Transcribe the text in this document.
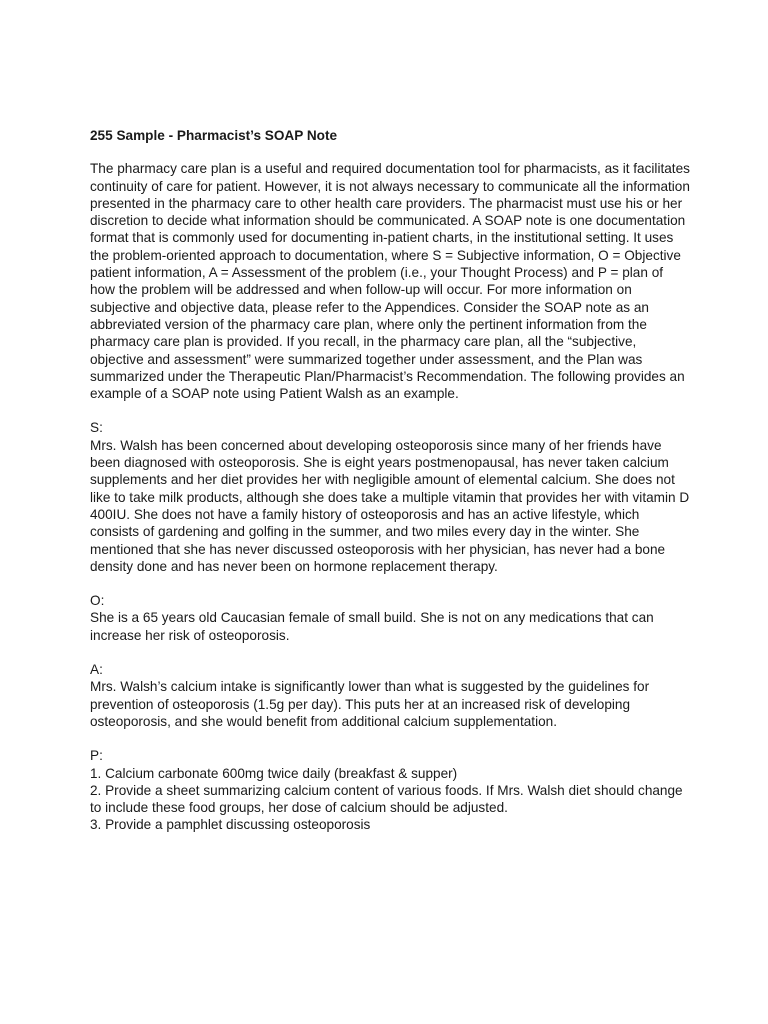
255 Sample - Pharmacist’s SOAP Note
The pharmacy care plan is a useful and required documentation tool for pharmacists, as it facilitates continuity of care for patient. However, it is not always necessary to communicate all the information presented in the pharmacy care to other health care providers. The pharmacist must use his or her discretion to decide what information should be communicated. A SOAP note is one documentation format that is commonly used for documenting in-patient charts, in the institutional setting. It uses the problem-oriented approach to documentation, where S = Subjective information, O = Objective patient information, A = Assessment of the problem (i.e., your Thought Process) and P = plan of how the problem will be addressed and when follow-up will occur. For more information on subjective and objective data, please refer to the Appendices. Consider the SOAP note as an abbreviated version of the pharmacy care plan, where only the pertinent information from the pharmacy care plan is provided. If you recall, in the pharmacy care plan, all the “subjective, objective and assessment” were summarized together under assessment, and the Plan was summarized under the Therapeutic Plan/Pharmacist’s Recommendation. The following provides an example of a SOAP note using Patient Walsh as an example.
S:
Mrs. Walsh has been concerned about developing osteoporosis since many of her friends have been diagnosed with osteoporosis. She is eight years postmenopausal, has never taken calcium supplements and her diet provides her with negligible amount of elemental calcium. She does not like to take milk products, although she does take a multiple vitamin that provides her with vitamin D 400IU. She does not have a family history of osteoporosis and has an active lifestyle, which consists of gardening and golfing in the summer, and two miles every day in the winter. She mentioned that she has never discussed osteoporosis with her physician, has never had a bone density done and has never been on hormone replacement therapy.
O:
She is a 65 years old Caucasian female of small build. She is not on any medications that can increase her risk of osteoporosis.
A:
Mrs. Walsh’s calcium intake is significantly lower than what is suggested by the guidelines for prevention of osteoporosis (1.5g per day). This puts her at an increased risk of developing osteoporosis, and she would benefit from additional calcium supplementation.
P:
1. Calcium carbonate 600mg twice daily (breakfast & supper)
2. Provide a sheet summarizing calcium content of various foods. If Mrs. Walsh diet should change to include these food groups, her dose of calcium should be adjusted.
3. Provide a pamphlet discussing osteoporosis
